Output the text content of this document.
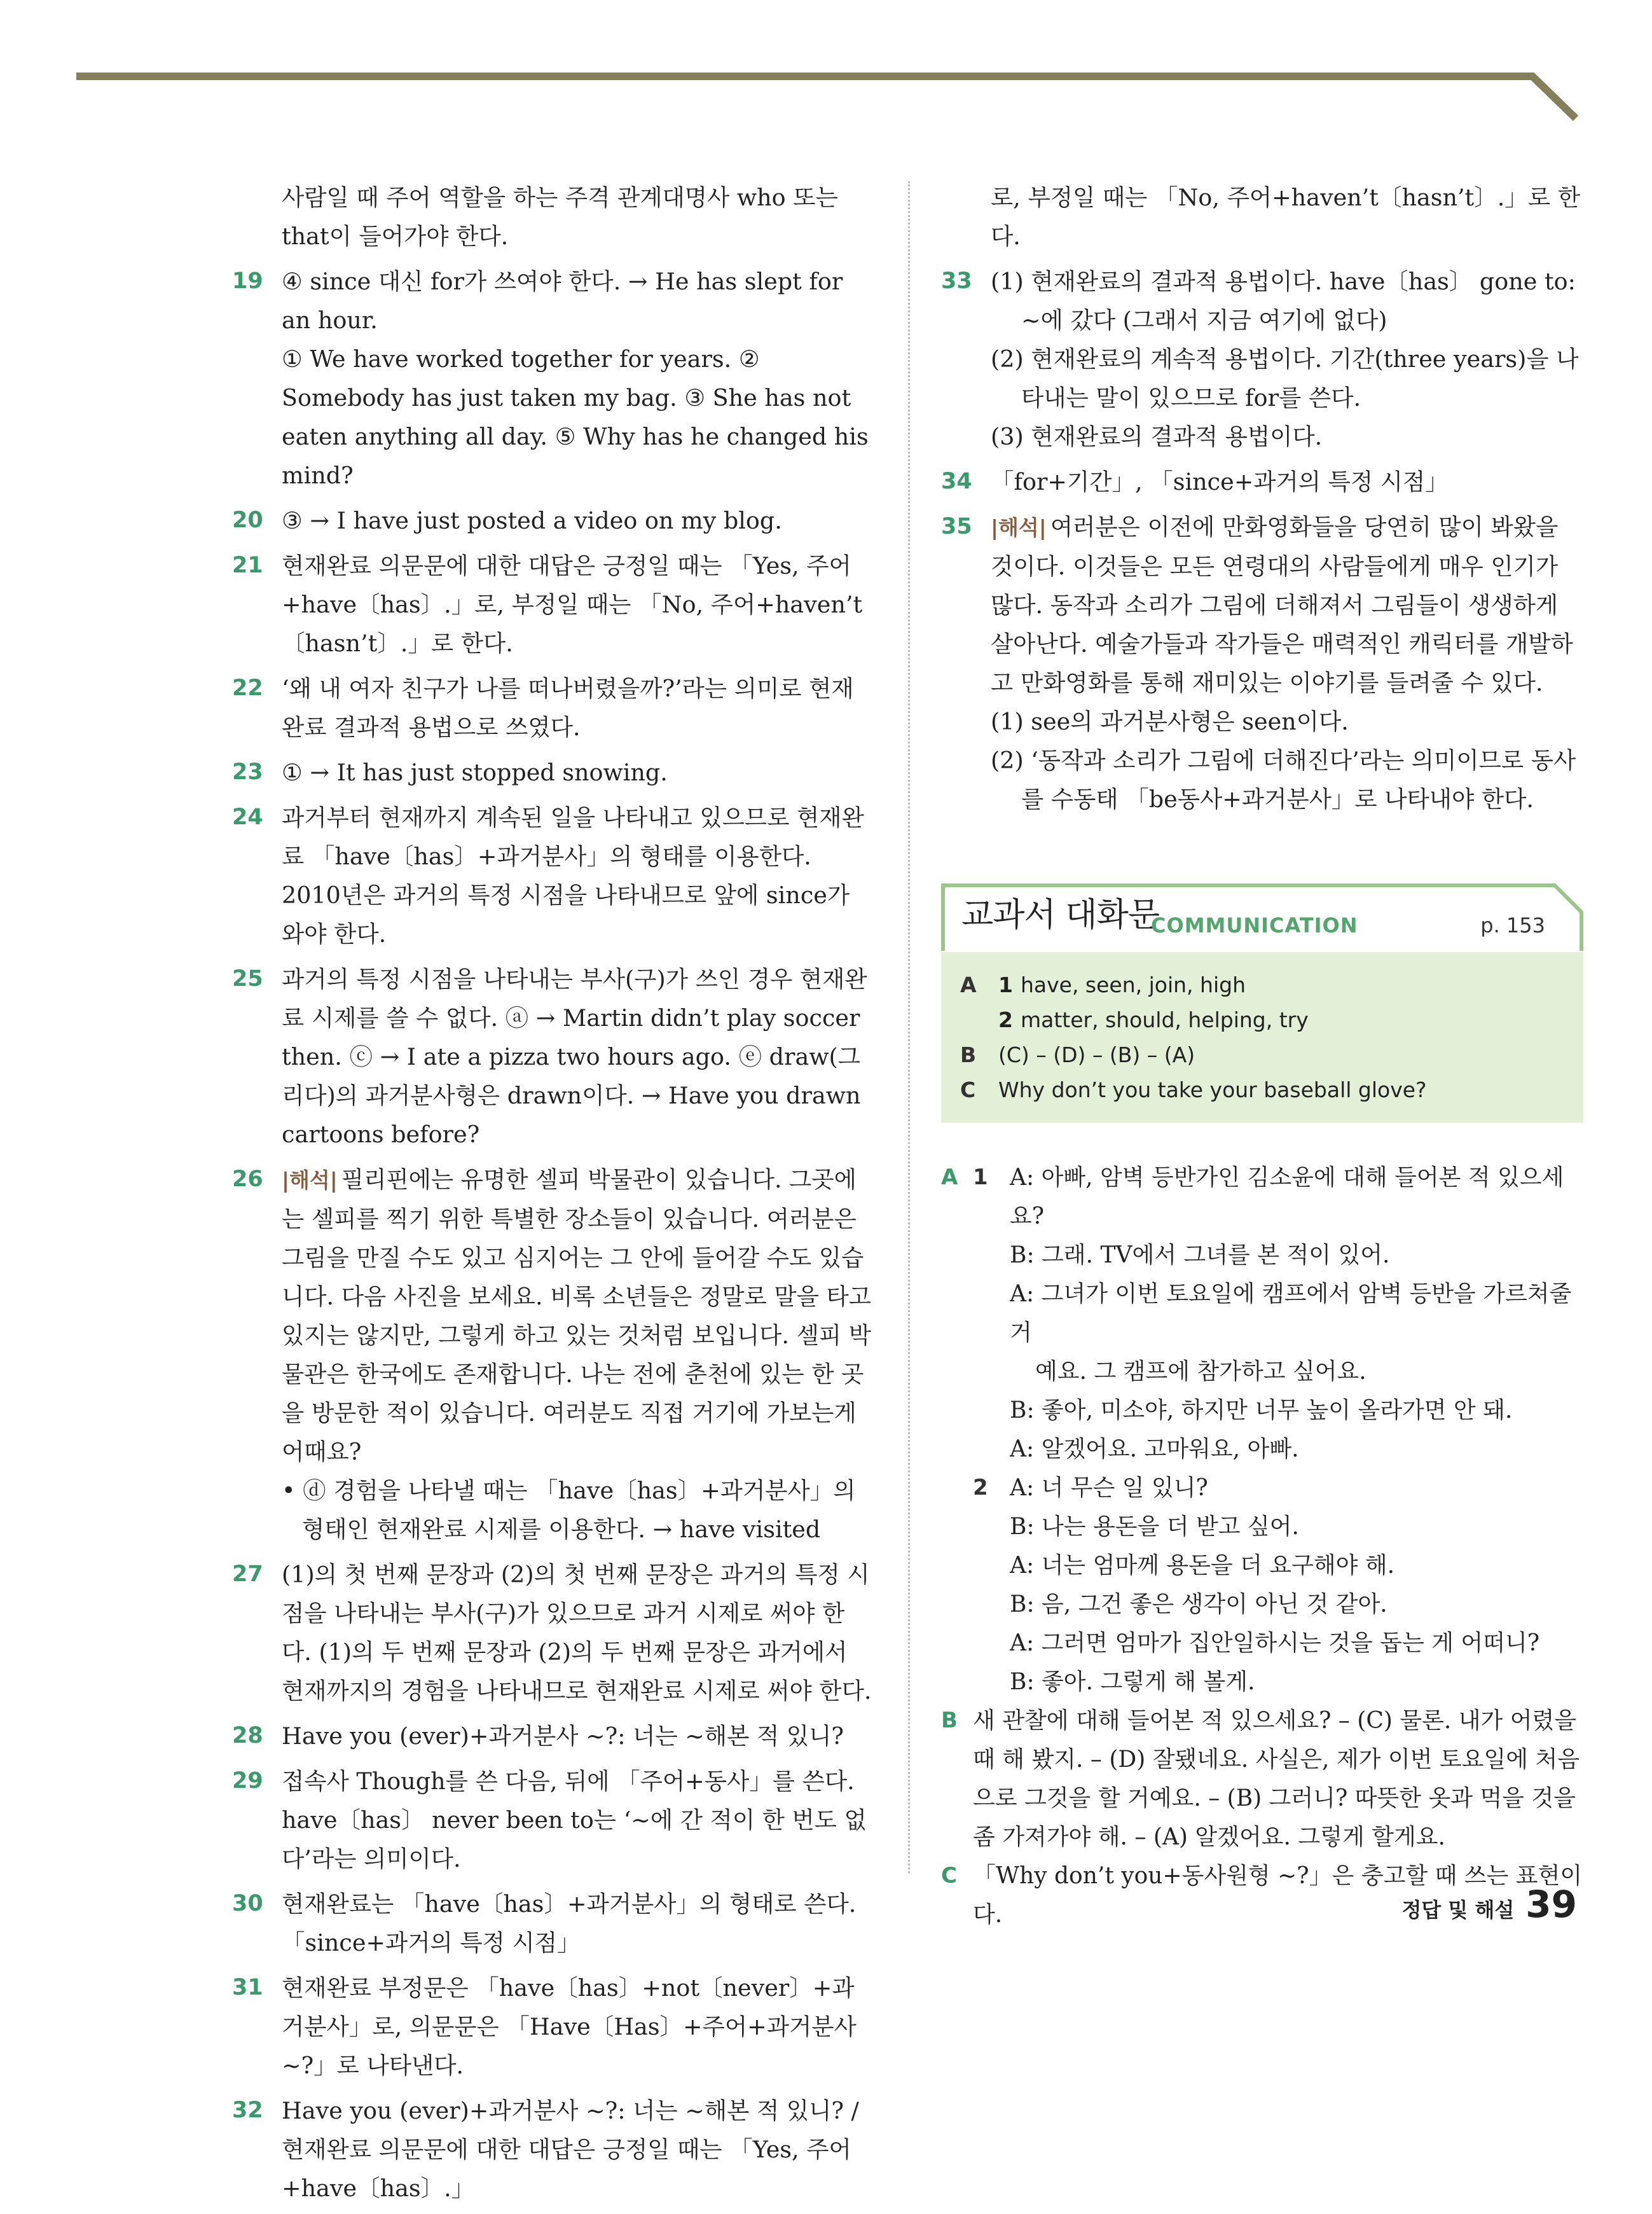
사람일 때 주어 역할을 하는 주격 관계대명사 who 또는 that이 들어가야 한다.
19 ④ since 대신 for가 쓰여야 한다. → He has slept for an hour.
① We have worked together for years. ② Somebody has just taken my bag. ③ She has not eaten anything all day. ⑤ Why has he changed his mind?
20 ③ → I have just posted a video on my blog.
21 현재완료 의문문에 대한 대답은 긍정일 때는 「Yes, 주어+have〔has〕.」로, 부정일 때는 「No, 주어+haven’t〔hasn’t〕.」로 한다.
22 ‘왜 내 여자 친구가 나를 떠나버렸을까?’라는 의미로 현재완료 결과적 용법으로 쓰였다.
23 ① → It has just stopped snowing.
24 과거부터 현재까지 계속된 일을 나타내고 있으므로 현재완료 「have〔has〕+과거분사」의 형태를 이용한다. 2010년은 과거의 특정 시점을 나타내므로 앞에 since가 와야 한다.
25 과거의 특정 시점을 나타내는 부사(구)가 쓰인 경우 현재완료 시제를 쓸 수 없다. ⓐ → Martin didn’t play soccer then. ⓒ → I ate a pizza two hours ago. ⓔ draw(그리다)의 과거분사형은 drawn이다. → Have you drawn cartoons before?
26 |해석| 필리핀에는 유명한 셀피 박물관이 있습니다. 그곳에는 셀피를 찍기 위한 특별한 장소들이 있습니다. 여러분은 그림을 만질 수도 있고 심지어는 그 안에 들어갈 수도 있습니다. 다음 사진을 보세요. 비록 소년들은 정말로 말을 타고 있지는 않지만, 그렇게 하고 있는 것처럼 보입니다. 셀피 박물관은 한국에도 존재합니다. 나는 전에 춘천에 있는 한 곳을 방문한 적이 있습니다. 여러분도 직접 거기에 가보는게 어때요?
• ⓓ 경험을 나타낼 때는 「have〔has〕+과거분사」의 형태인 현재완료 시제를 이용한다. → have visited
27 (1)의 첫 번째 문장과 (2)의 첫 번째 문장은 과거의 특정 시점을 나타내는 부사(구)가 있으므로 과거 시제로 써야 한다. (1)의 두 번째 문장과 (2)의 두 번째 문장은 과거에서 현재까지의 경험을 나타내므로 현재완료 시제로 써야 한다.
28 Have you (ever)+과거분사 ~?: 너는 ~해본 적 있니?
29 접속사 Though를 쓴 다음, 뒤에 「주어+동사」를 쓴다. have〔has〕 never been to는 ‘~에 간 적이 한 번도 없다’라는 의미이다.
30 현재완료는 「have〔has〕+과거분사」의 형태로 쓴다. 「since+과거의 특정 시점」
31 현재완료 부정문은 「have〔has〕+not〔never〕+과거분사」로, 의문문은 「Have〔Has〕+주어+과거분사 ~?」로 나타낸다.
32 Have you (ever)+과거분사 ~?: 너는 ~해본 적 있니? / 현재완료 의문문에 대한 대답은 긍정일 때는 「Yes, 주어+have〔has〕.」
로, 부정일 때는 「No, 주어+haven’t〔hasn’t〕.」로 한다.
33 (1) 현재완료의 결과적 용법이다. have〔has〕 gone to: ~에 갔다 (그래서 지금 여기에 없다)
(2) 현재완료의 계속적 용법이다. 기간(three years)을 나타내는 말이 있으므로 for를 쓴다.
(3) 현재완료의 결과적 용법이다.
34 「for+기간」, 「since+과거의 특정 시점」
35 |해석| 여러분은 이전에 만화영화들을 당연히 많이 봐왔을 것이다. 이것들은 모든 연령대의 사람들에게 매우 인기가 많다. 동작과 소리가 그림에 더해져서 그림들이 생생하게 살아난다. 예술가들과 작가들은 매력적인 캐릭터를 개발하고 만화영화를 통해 재미있는 이야기를 들려줄 수 있다.
(1) see의 과거분사형은 seen이다.
(2) ‘동작과 소리가 그림에 더해진다’라는 의미이므로 동사를 수동태 「be동사+과거분사」로 나타내야 한다.
교과서 대화문
COMMUNICATION	p. 153
A	1 have, seen, join, high
2 matter, should, helping, try
B	(C) – (D) – (B) – (A)
C	Why don’t you take your baseball glove?
A 1 A: 아빠, 암벽 등반가인 김소윤에 대해 들어본 적 있으세요?
B: 그래. TV에서 그녀를 본 적이 있어.
A: 그녀가 이번 토요일에 캠프에서 암벽 등반을 가르쳐줄 거
예요. 그 캠프에 참가하고 싶어요.
B: 좋아, 미소야, 하지만 너무 높이 올라가면 안 돼.
A: 알겠어요. 고마워요, 아빠.
2 A: 너 무슨 일 있니?
B: 나는 용돈을 더 받고 싶어.
A: 너는 엄마께 용돈을 더 요구해야 해.
B: 음, 그건 좋은 생각이 아닌 것 같아.
A: 그러면 엄마가 집안일하시는 것을 돕는 게 어떠니?
B: 좋아. 그렇게 해 볼게.
B 새 관찰에 대해 들어본 적 있으세요? – (C) 물론. 내가 어렸을 때 해 봤지. – (D) 잘됐네요. 사실은, 제가 이번 토요일에 처음으로 그것을 할 거예요. – (B) 그러니? 따뜻한 옷과 먹을 것을 좀 가져가야 해. – (A) 알겠어요. 그렇게 할게요.
C 「Why don’t you+동사원형 ~?」은 충고할 때 쓰는 표현이다.	정답 및 해설 39
